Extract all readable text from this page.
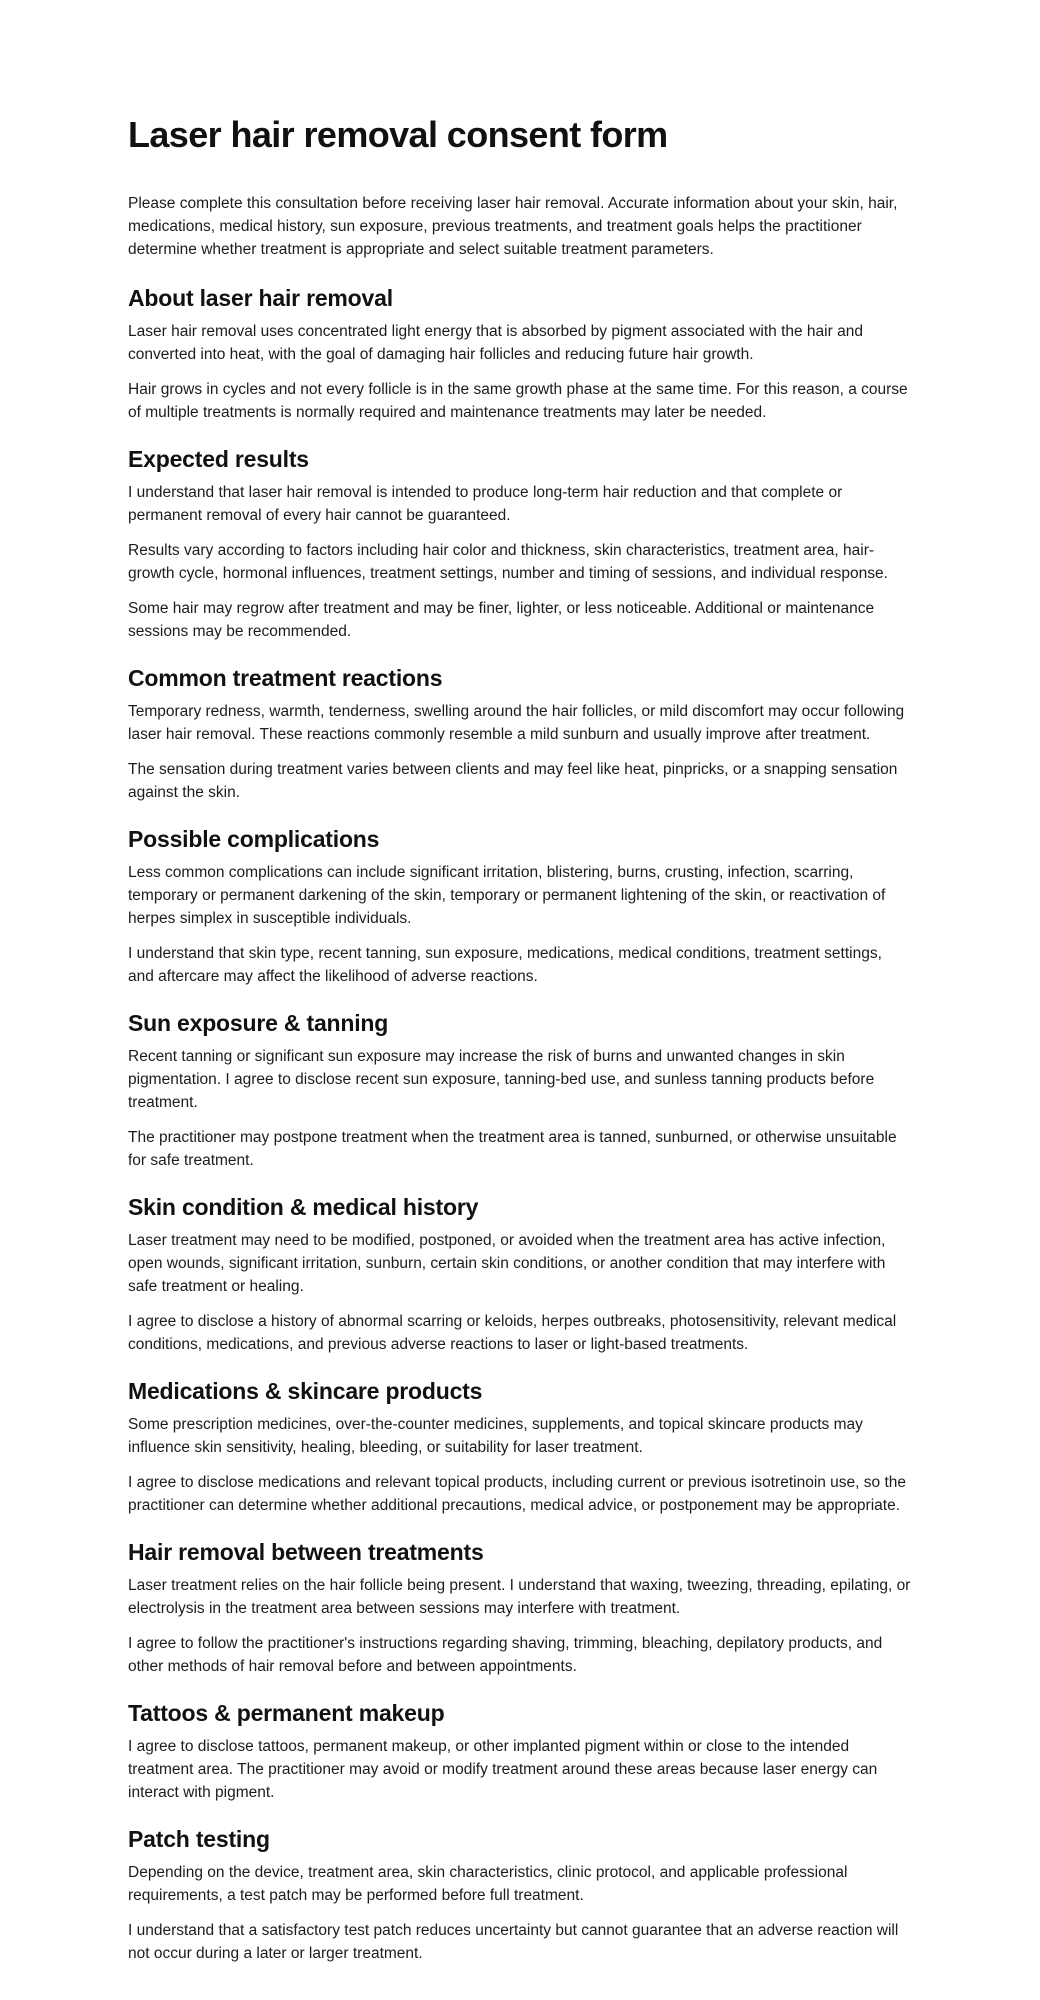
Laser hair removal consent form

Please complete this consultation before receiving laser hair removal. Accurate information about your skin, hair, medications, medical history, sun exposure, previous treatments, and treatment goals helps the practitioner determine whether treatment is appropriate and select suitable treatment parameters.

About laser hair removal

Laser hair removal uses concentrated light energy that is absorbed by pigment associated with the hair and converted into heat, with the goal of damaging hair follicles and reducing future hair growth.

Hair grows in cycles and not every follicle is in the same growth phase at the same time. For this reason, a course of multiple treatments is normally required and maintenance treatments may later be needed.

Expected results

I understand that laser hair removal is intended to produce long-term hair reduction and that complete or permanent removal of every hair cannot be guaranteed.

Results vary according to factors including hair color and thickness, skin characteristics, treatment area, hair-growth cycle, hormonal influences, treatment settings, number and timing of sessions, and individual response.

Some hair may regrow after treatment and may be finer, lighter, or less noticeable. Additional or maintenance sessions may be recommended.

Common treatment reactions

Temporary redness, warmth, tenderness, swelling around the hair follicles, or mild discomfort may occur following laser hair removal. These reactions commonly resemble a mild sunburn and usually improve after treatment.

The sensation during treatment varies between clients and may feel like heat, pinpricks, or a snapping sensation against the skin.

Possible complications

Less common complications can include significant irritation, blistering, burns, crusting, infection, scarring, temporary or permanent darkening of the skin, temporary or permanent lightening of the skin, or reactivation of herpes simplex in susceptible individuals.

I understand that skin type, recent tanning, sun exposure, medications, medical conditions, treatment settings, and aftercare may affect the likelihood of adverse reactions.

Sun exposure & tanning

Recent tanning or significant sun exposure may increase the risk of burns and unwanted changes in skin pigmentation. I agree to disclose recent sun exposure, tanning-bed use, and sunless tanning products before treatment.

The practitioner may postpone treatment when the treatment area is tanned, sunburned, or otherwise unsuitable for safe treatment.

Skin condition & medical history

Laser treatment may need to be modified, postponed, or avoided when the treatment area has active infection, open wounds, significant irritation, sunburn, certain skin conditions, or another condition that may interfere with safe treatment or healing.

I agree to disclose a history of abnormal scarring or keloids, herpes outbreaks, photosensitivity, relevant medical conditions, medications, and previous adverse reactions to laser or light-based treatments.

Medications & skincare products

Some prescription medicines, over-the-counter medicines, supplements, and topical skincare products may influence skin sensitivity, healing, bleeding, or suitability for laser treatment.

I agree to disclose medications and relevant topical products, including current or previous isotretinoin use, so the practitioner can determine whether additional precautions, medical advice, or postponement may be appropriate.

Hair removal between treatments

Laser treatment relies on the hair follicle being present. I understand that waxing, tweezing, threading, epilating, or electrolysis in the treatment area between sessions may interfere with treatment.

I agree to follow the practitioner's instructions regarding shaving, trimming, bleaching, depilatory products, and other methods of hair removal before and between appointments.

Tattoos & permanent makeup

I agree to disclose tattoos, permanent makeup, or other implanted pigment within or close to the intended treatment area. The practitioner may avoid or modify treatment around these areas because laser energy can interact with pigment.

Patch testing

Depending on the device, treatment area, skin characteristics, clinic protocol, and applicable professional requirements, a test patch may be performed before full treatment.

I understand that a satisfactory test patch reduces uncertainty but cannot guarantee that an adverse reaction will not occur during a later or larger treatment.
